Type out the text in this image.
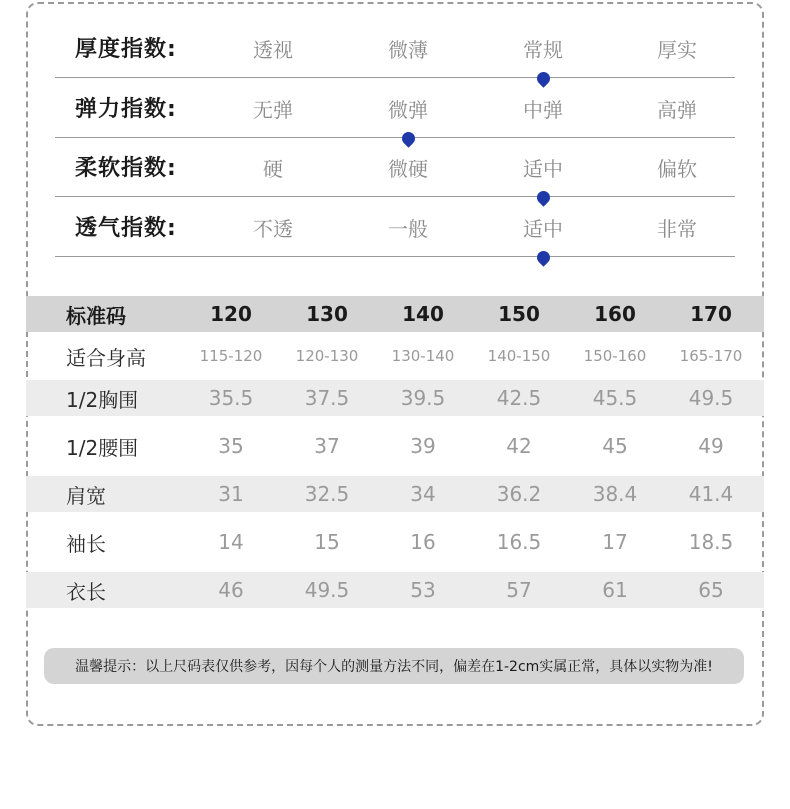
厚度指数:	透视	微薄	常规	厚实
弹力指数:	无弹	微弹	中弹	高弹
柔软指数:	硬	微硬	适中	偏软
透气指数:	不透	一般	适中	非常
标准码	120	130	140	150	160	170
适合身高	115-120	120-130	130-140	140-150	150-160	165-170
1/2胸围	35.5	37.5	39.5	42.5	45.5	49.5
1/2腰围	35	37	39	42	45	49
肩宽	31	32.5	34	36.2	38.4	41.4
袖长	14	15	16	16.5	17	18.5
衣长	46	49.5	53	57	61	65
温馨提示：以上尺码表仅供参考，因每个人的测量方法不同，偏差在1-2cm实属正常，具体以实物为准!
